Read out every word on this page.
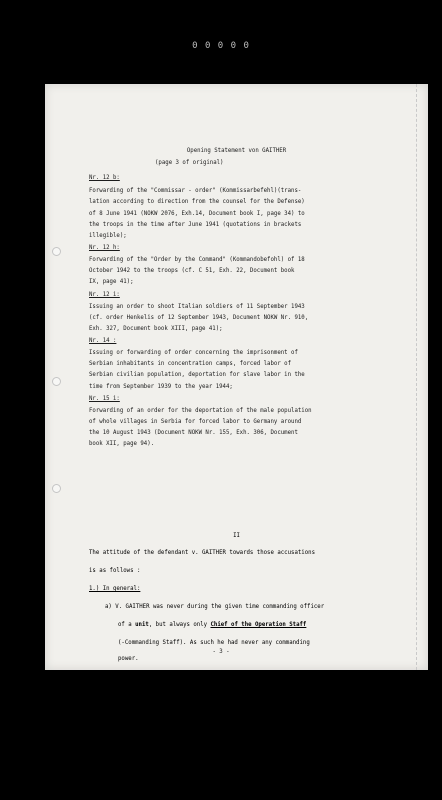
0 0 0 0 0
Opening Statement von GAITHER
(page 3 of original)
Nr. 12 b:
Forwarding of the "Commissar - order" (Kommissarbefehl)(trans-
lation according to direction from the counsel for the Defense)
of 8 June 1941 (NOKW 2076, Exh.14, Document book I, page 34) to
the troops in the time after June 1941 (quotations in brackets
illegible);
Nr. 12 h:
Forwarding of the "Order by the Command" (Kommandobefohl) of 18
October 1942 to the troops (cf. C 51, Exh. 22, Document book
IX, page 41);
Nr. 12 i:
Issuing an order to shoot Italian soldiers of 11 September 1943
(cf. order Henkelis of 12 September 1943, Document NOKW Nr. 910,
Exh. 327, Document book XIII, page 41);
Nr. 14 :
Issuing or forwarding of order concerning the imprisonment of
Serbian inhabitants in concentration camps, forced labor of
Serbian civilian population, deportation for slave labor in the
time from September 1939 to the year 1944;
Nr. 15 i:
Forwarding of an order for the deportation of the male population
of whole villages in Serbia for forced labor to Germany around
the 10 August 1943 (Document NOKW Nr. 155, Exh. 306, Document
book XII, page 94).
II
The attitude of the defendant v. GAITHER towards those accusations
is as follows :
1.) In general:
a) V. GAITHER was never during the given time commanding officer
of a unit, but always only Chief of the Operation Staff
(-Commanding Staff). As such he had never any commanding
power.
- 3 -
